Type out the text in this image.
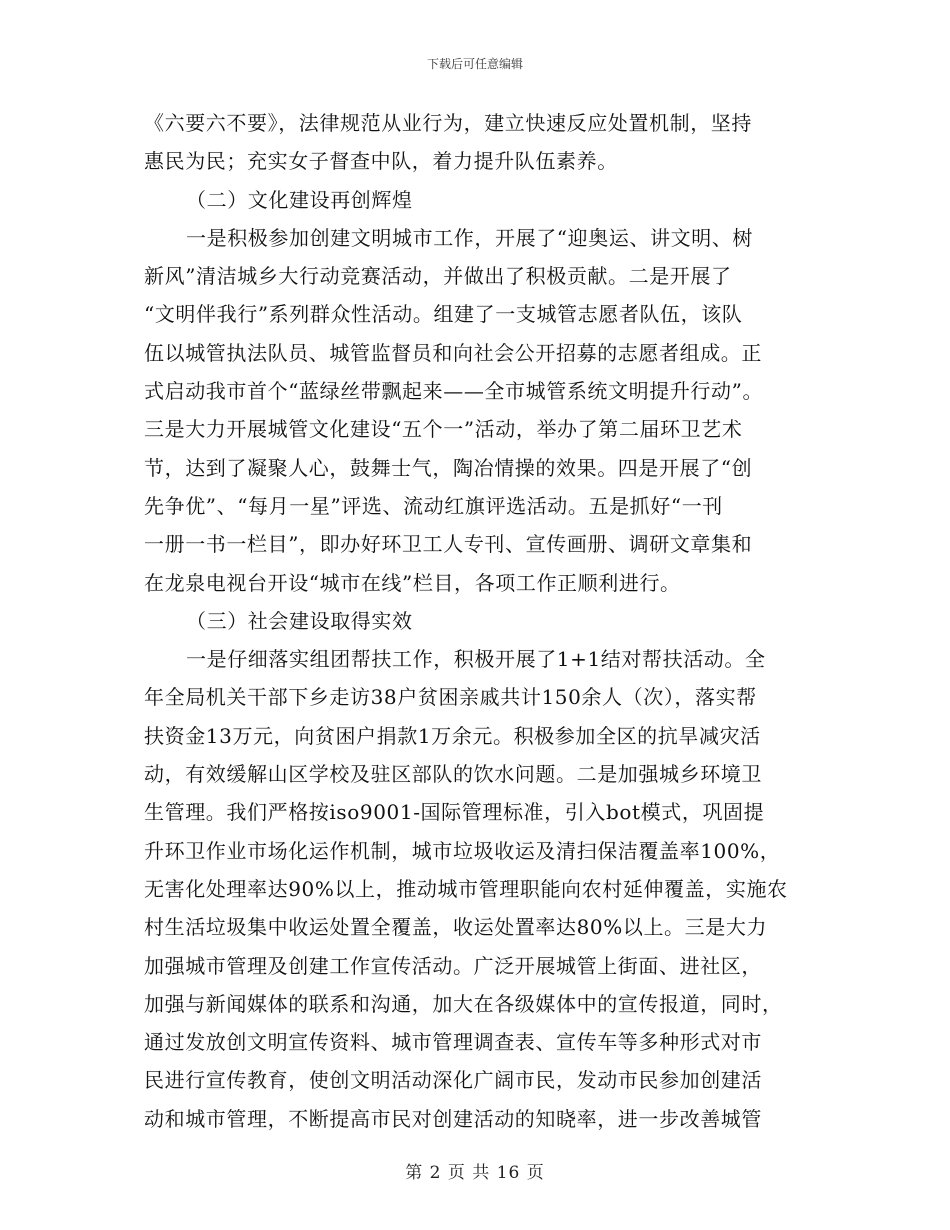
下载后可任意编辑
《六要六不要》，法律规范从业行为，建立快速反应处置机制，坚持
惠民为民；充实女子督查中队，着力提升队伍素养。
（二）文化建设再创辉煌
一是积极参加创建文明城市工作，开展了“迎奥运、讲文明、树
新风”清洁城乡大行动竞赛活动，并做出了积极贡献。二是开展了
“文明伴我行”系列群众性活动。组建了一支城管志愿者队伍，该队
伍以城管执法队员、城管监督员和向社会公开招募的志愿者组成。正
式启动我市首个“蓝绿丝带飘起来——全市城管系统文明提升行动”。
三是大力开展城管文化建设“五个一”活动，举办了第二届环卫艺术
节，达到了凝聚人心，鼓舞士气，陶冶情操的效果。四是开展了“创
先争优”、“每月一星”评选、流动红旗评选活动。五是抓好“一刊
一册一书一栏目”，即办好环卫工人专刊、宣传画册、调研文章集和
在龙泉电视台开设“城市在线”栏目，各项工作正顺利进行。
（三）社会建设取得实效
一是仔细落实组团帮扶工作，积极开展了1+1结对帮扶活动。全
年全局机关干部下乡走访38户贫困亲戚共计150余人（次），落实帮
扶资金13万元，向贫困户捐款1万余元。积极参加全区的抗旱减灾活
动，有效缓解山区学校及驻区部队的饮水问题。二是加强城乡环境卫
生管理。我们严格按iso9001-国际管理标准，引入bot模式，巩固提
升环卫作业市场化运作机制，城市垃圾收运及清扫保洁覆盖率100%，
无害化处理率达90%以上，推动城市管理职能向农村延伸覆盖，实施农
村生活垃圾集中收运处置全覆盖，收运处置率达80%以上。三是大力
加强城市管理及创建工作宣传活动。广泛开展城管上街面、进社区，
加强与新闻媒体的联系和沟通，加大在各级媒体中的宣传报道，同时，
通过发放创文明宣传资料、城市管理调查表、宣传车等多种形式对市
民进行宣传教育，使创文明活动深化广阔市民，发动市民参加创建活
动和城市管理，不断提高市民对创建活动的知晓率，进一步改善城管
第 2 页 共 16 页
